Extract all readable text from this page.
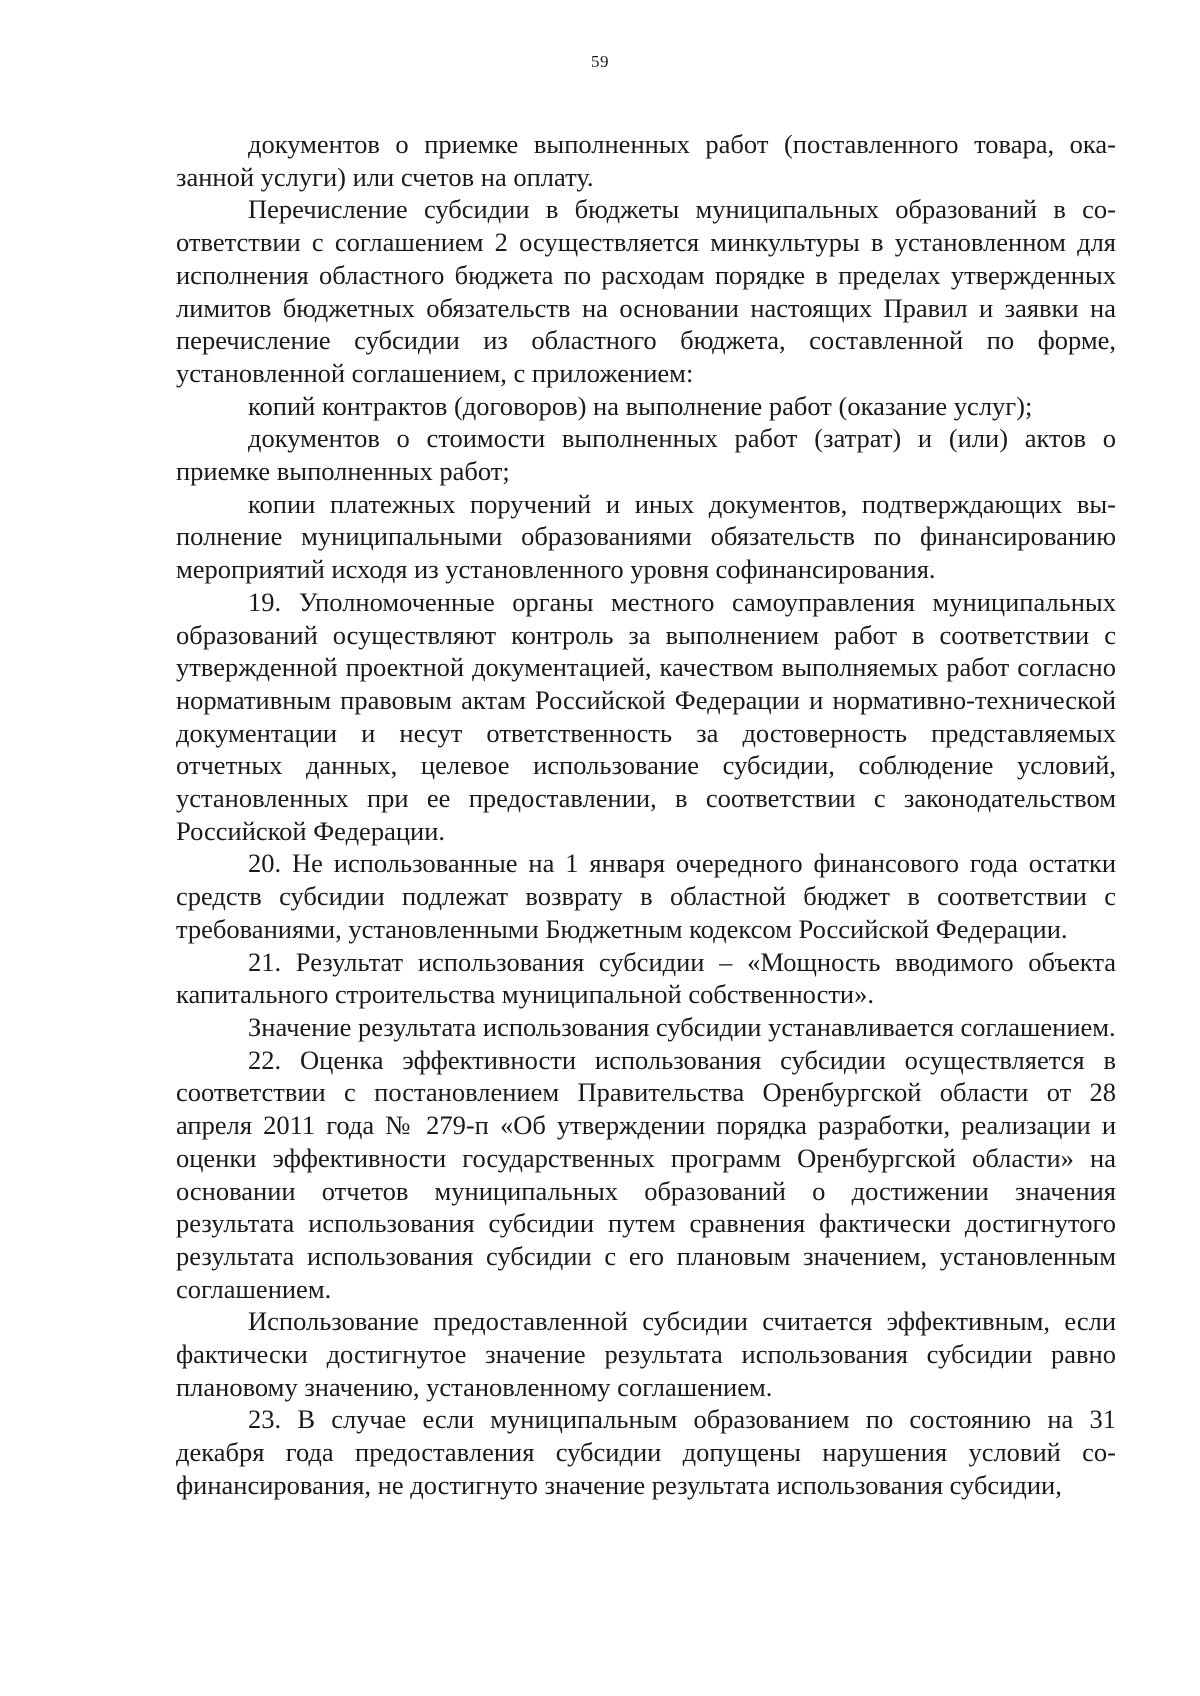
59

документов о приемке выполненных работ (поставленного товара, оказанной услуги) или счетов на оплату.

Перечисление субсидии в бюджеты муниципальных образований в соответствии с соглашением 2 осуществляется минкультуры в установленном для исполнения областного бюджета по расходам порядке в пределах утвержденных лимитов бюджетных обязательств на основании настоящих Правил и заявки на перечисление субсидии из областного бюджета, составленной по форме, установленной соглашением, с приложением:

копий контрактов (договоров) на выполнение работ (оказание услуг);

документов о стоимости выполненных работ (затрат) и (или) актов о приемке выполненных работ;

копии платежных поручений и иных документов, подтверждающих выполнение муниципальными образованиями обязательств по финансированию мероприятий исходя из установленного уровня софинансирования.

19. Уполномоченные органы местного самоуправления муниципальных образований осуществляют контроль за выполнением работ в соответствии с утвержденной проектной документацией, качеством выполняемых работ согласно нормативным правовым актам Российской Федерации и нормативно-технической документации и несут ответственность за достоверность представляемых отчетных данных, целевое использование субсидии, соблюдение условий, установленных при ее предоставлении, в соответствии с законодательством Российской Федерации.

20. Не использованные на 1 января очередного финансового года остатки средств субсидии подлежат возврату в областной бюджет в соответствии с требованиями, установленными Бюджетным кодексом Российской Федерации.

21. Результат использования субсидии – «Мощность вводимого объекта капитального строительства муниципальной собственности».

Значение результата использования субсидии устанавливается соглашением.

22. Оценка эффективности использования субсидии осуществляется в соответствии с постановлением Правительства Оренбургской области от 28 апреля 2011 года № 279-п «Об утверждении порядка разработки, реализации и оценки эффективности государственных программ Оренбургской области» на основании отчетов муниципальных образований о достижении значения результата использования субсидии путем сравнения фактически достигнутого результата использования субсидии с его плановым значением, установленным соглашением.

Использование предоставленной субсидии считается эффективным, если фактически достигнутое значение результата использования субсидии равно плановому значению, установленному соглашением.

23. В случае если муниципальным образованием по состоянию на 31 декабря года предоставления субсидии допущены нарушения условий софинансирования, не достигнуто значение результата использования субсидии,
